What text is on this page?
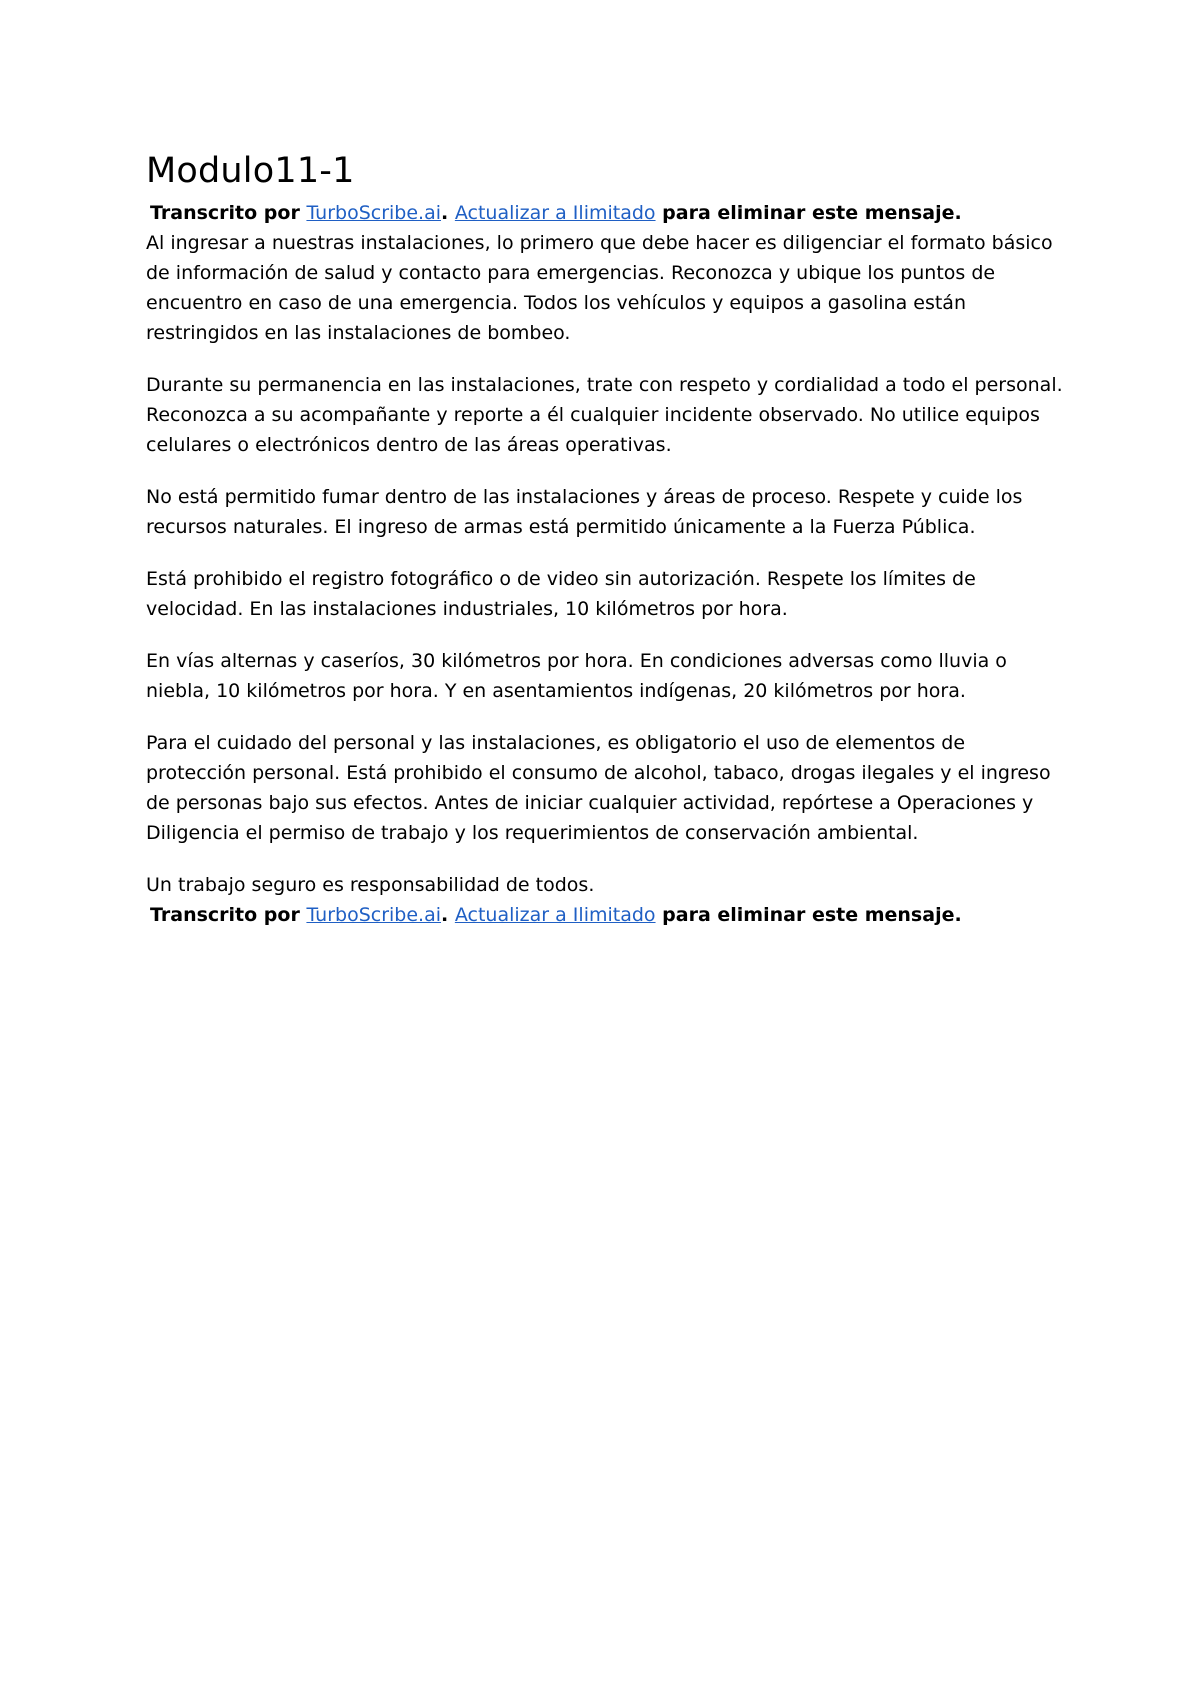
Modulo11-1

Transcrito por TurboScribe.ai. Actualizar a Ilimitado para eliminar este mensaje.

Al ingresar a nuestras instalaciones, lo primero que debe hacer es diligenciar el formato básico de información de salud y contacto para emergencias. Reconozca y ubique los puntos de encuentro en caso de una emergencia. Todos los vehículos y equipos a gasolina están restringidos en las instalaciones de bombeo.

Durante su permanencia en las instalaciones, trate con respeto y cordialidad a todo el personal. Reconozca a su acompañante y reporte a él cualquier incidente observado. No utilice equipos celulares o electrónicos dentro de las áreas operativas.

No está permitido fumar dentro de las instalaciones y áreas de proceso. Respete y cuide los recursos naturales. El ingreso de armas está permitido únicamente a la Fuerza Pública.

Está prohibido el registro fotográfico o de video sin autorización. Respete los límites de velocidad. En las instalaciones industriales, 10 kilómetros por hora.

En vías alternas y caseríos, 30 kilómetros por hora. En condiciones adversas como lluvia o niebla, 10 kilómetros por hora. Y en asentamientos indígenas, 20 kilómetros por hora.

Para el cuidado del personal y las instalaciones, es obligatorio el uso de elementos de protección personal. Está prohibido el consumo de alcohol, tabaco, drogas ilegales y el ingreso de personas bajo sus efectos. Antes de iniciar cualquier actividad, repórtese a Operaciones y Diligencia el permiso de trabajo y los requerimientos de conservación ambiental.

Un trabajo seguro es responsabilidad de todos.

Transcrito por TurboScribe.ai. Actualizar a Ilimitado para eliminar este mensaje.
